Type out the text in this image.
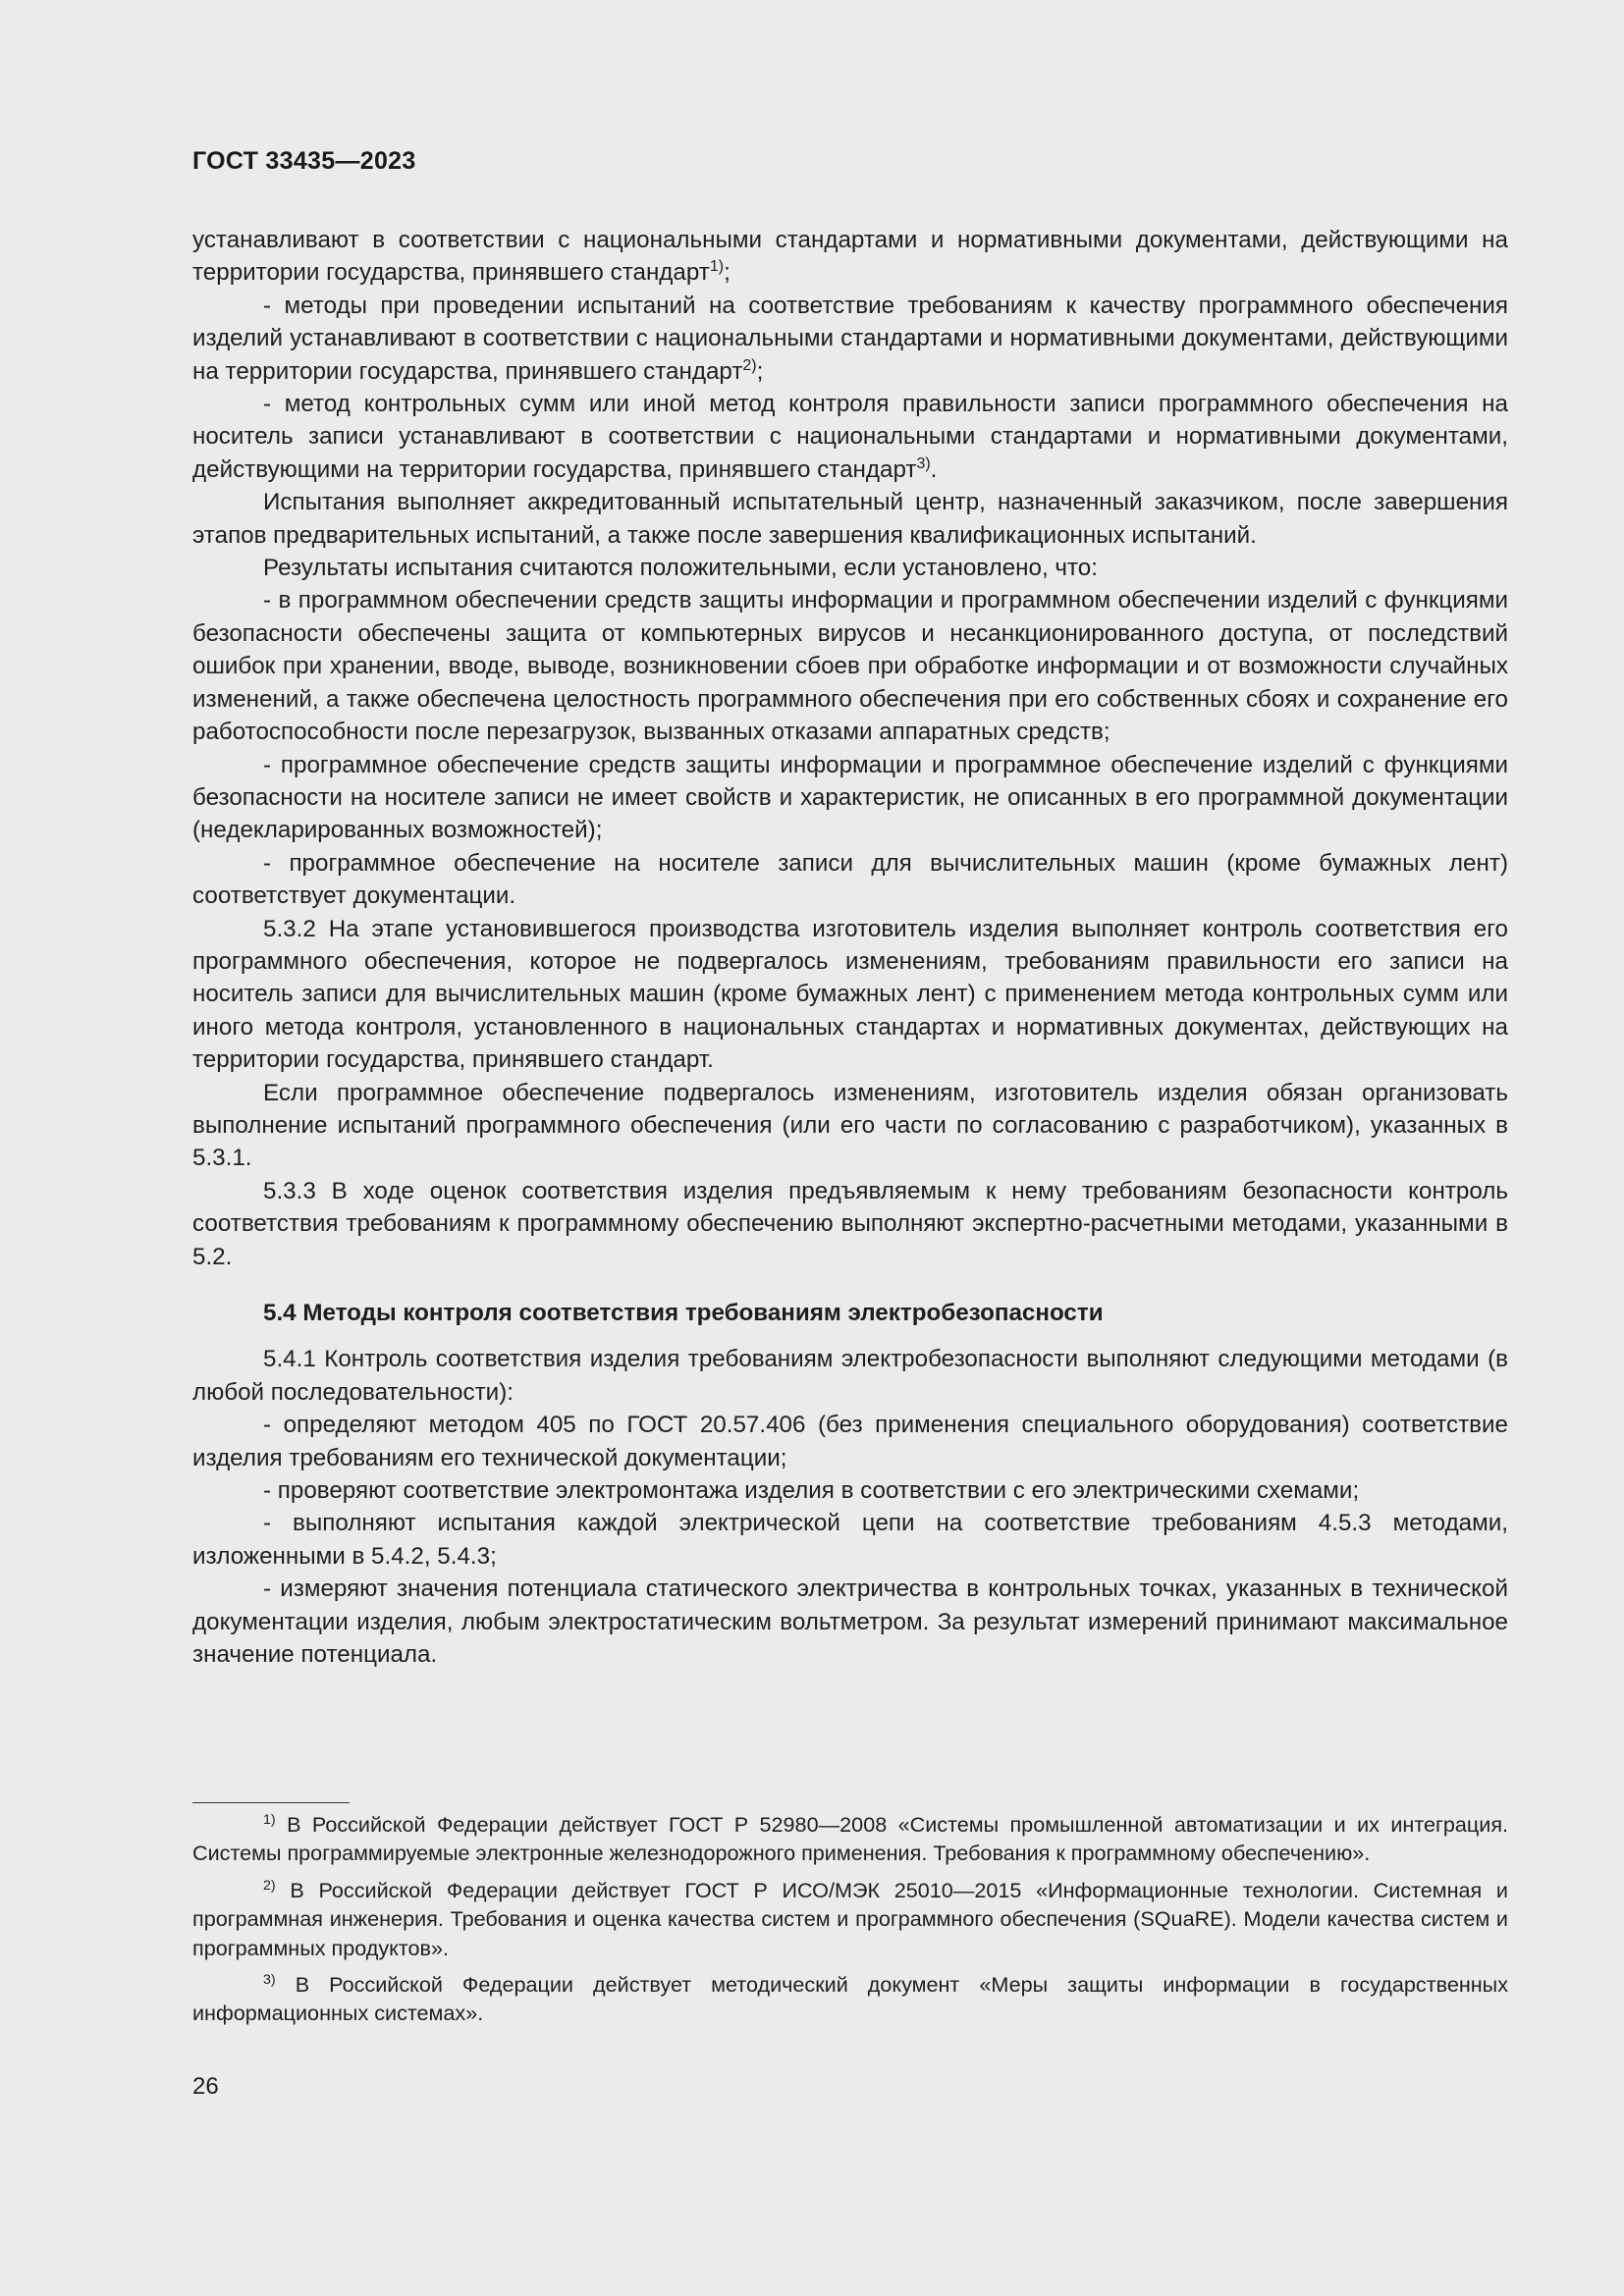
ГОСТ 33435—2023

устанавливают в соответствии с национальными стандартами и нормативными документами, действующими на территории государства, принявшего стандарт$^{1)}$;

- методы при проведении испытаний на соответствие требованиям к качеству программного обеспечения изделий устанавливают в соответствии с национальными стандартами и нормативными документами, действующими на территории государства, принявшего стандарт$^{2)}$;

- метод контрольных сумм или иной метод контроля правильности записи программного обеспечения на носитель записи устанавливают в соответствии с национальными стандартами и нормативными документами, действующими на территории государства, принявшего стандарт$^{3)}$.

Испытания выполняет аккредитованный испытательный центр, назначенный заказчиком, после завершения этапов предварительных испытаний, а также после завершения квалификационных испытаний.

Результаты испытания считаются положительными, если установлено, что:

- в программном обеспечении средств защиты информации и программном обеспечении изделий с функциями безопасности обеспечены защита от компьютерных вирусов и несанкционированного доступа, от последствий ошибок при хранении, вводе, выводе, возникновении сбоев при обработке информации и от возможности случайных изменений, а также обеспечена целостность программного обеспечения при его собственных сбоях и сохранение его работоспособности после перезагрузок, вызванных отказами аппаратных средств;

- программное обеспечение средств защиты информации и программное обеспечение изделий с функциями безопасности на носителе записи не имеет свойств и характеристик, не описанных в его программной документации (недекларированных возможностей);

- программное обеспечение на носителе записи для вычислительных машин (кроме бумажных лент) соответствует документации.

5.3.2 На этапе установившегося производства изготовитель изделия выполняет контроль соответствия его программного обеспечения, которое не подвергалось изменениям, требованиям правильности его записи на носитель записи для вычислительных машин (кроме бумажных лент) с применением метода контрольных сумм или иного метода контроля, установленного в национальных стандартах и нормативных документах, действующих на территории государства, принявшего стандарт.

Если программное обеспечение подвергалось изменениям, изготовитель изделия обязан организовать выполнение испытаний программного обеспечения (или его части по согласованию с разработчиком), указанных в 5.3.1.

5.3.3 В ходе оценок соответствия изделия предъявляемым к нему требованиям безопасности контроль соответствия требованиям к программному обеспечению выполняют экспертно-расчетными методами, указанными в 5.2.

5.4 Методы контроля соответствия требованиям электробезопасности

5.4.1 Контроль соответствия изделия требованиям электробезопасности выполняют следующими методами (в любой последовательности):

- определяют методом 405 по ГОСТ 20.57.406 (без применения специального оборудования) соответствие изделия требованиям его технической документации;

- проверяют соответствие электромонтажа изделия в соответствии с его электрическими схемами;

- выполняют испытания каждой электрической цепи на соответствие требованиям 4.5.3 методами, изложенными в 5.4.2, 5.4.3;

- измеряют значения потенциала статического электричества в контрольных точках, указанных в технической документации изделия, любым электростатическим вольтметром. За результат измерений принимают максимальное значение потенциала.

$^{1)}$ В Российской Федерации действует ГОСТ Р 52980—2008 «Системы промышленной автоматизации и их интеграция. Системы программируемые электронные железнодорожного применения. Требования к программному обеспечению».

$^{2)}$ В Российской Федерации действует ГОСТ Р ИСО/МЭК 25010—2015 «Информационные технологии. Системная и программная инженерия. Требования и оценка качества систем и программного обеспечения (SQuaRE). Модели качества систем и программных продуктов».

$^{3)}$ В Российской Федерации действует методический документ «Меры защиты информации в государственных информационных системах».

26
